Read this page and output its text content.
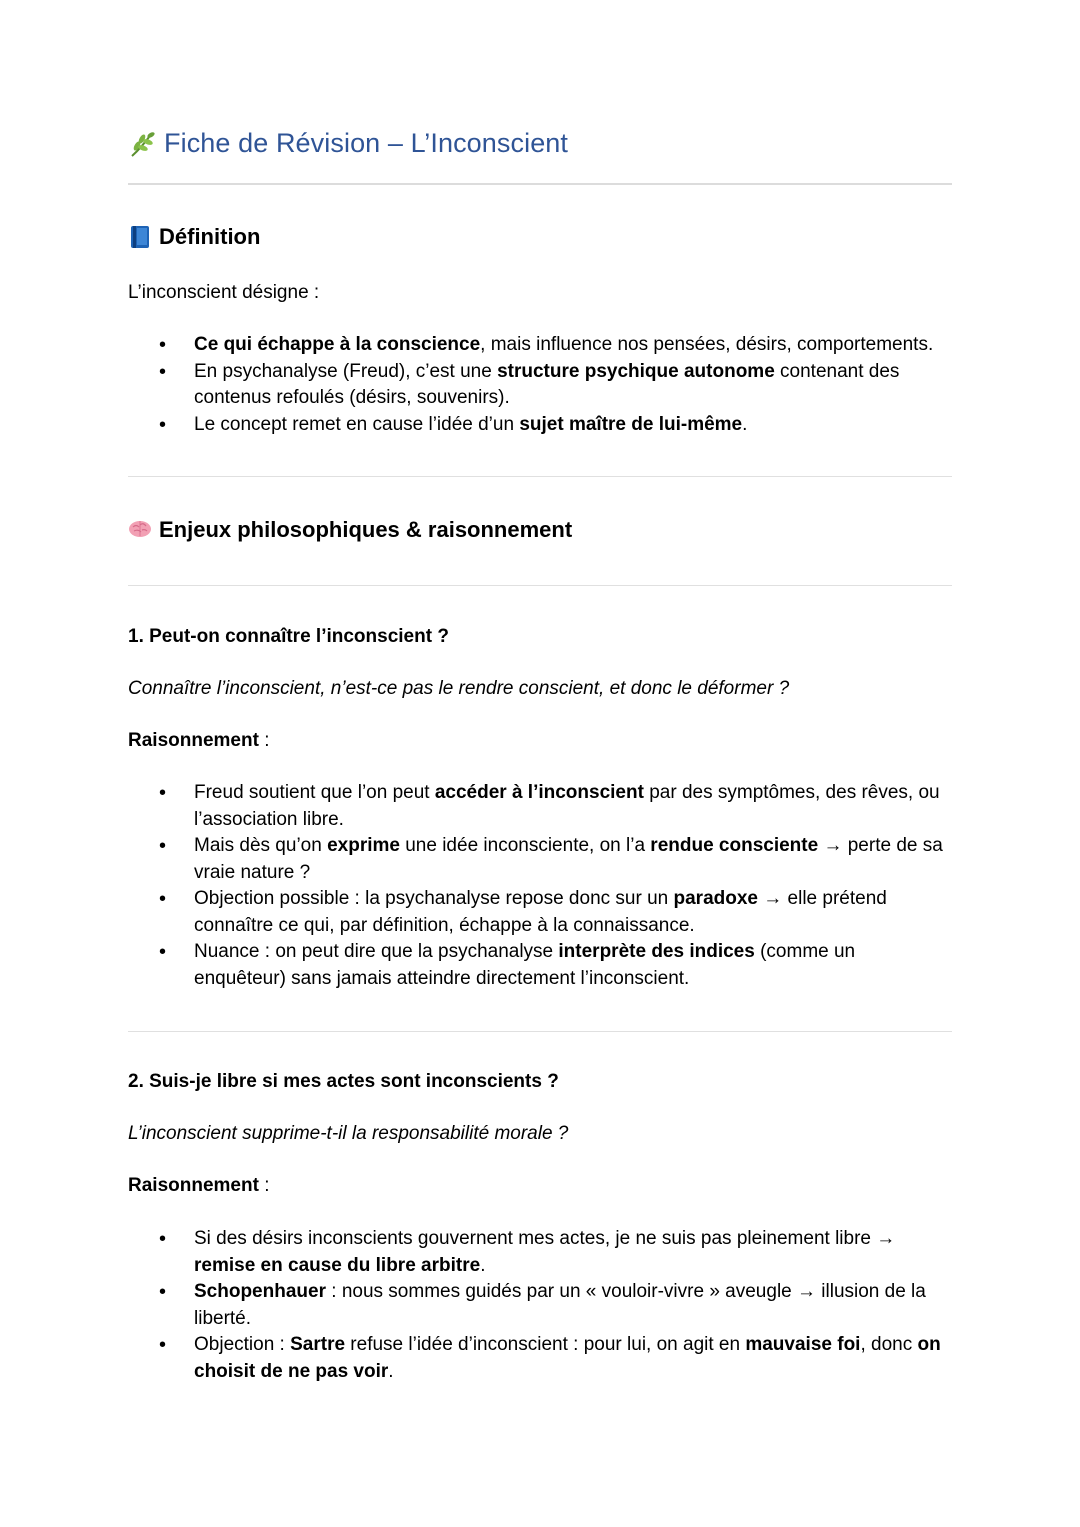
Fiche de Révision – L’Inconscient
Définition
L’inconscient désigne :
• Ce qui échappe à la conscience, mais influence nos pensées, désirs, comportements.
• En psychanalyse (Freud), c’est une structure psychique autonome contenant des contenus refoulés (désirs, souvenirs).
• Le concept remet en cause l’idée d’un sujet maître de lui-même.
Enjeux philosophiques & raisonnement
1. Peut-on connaître l’inconscient ?
Connaître l’inconscient, n’est-ce pas le rendre conscient, et donc le déformer ?
Raisonnement :
• Freud soutient que l’on peut accéder à l’inconscient par des symptômes, des rêves, ou l’association libre.
• Mais dès qu’on exprime une idée inconsciente, on l’a rendue consciente → perte de sa vraie nature ?
• Objection possible : la psychanalyse repose donc sur un paradoxe → elle prétend connaître ce qui, par définition, échappe à la connaissance.
• Nuance : on peut dire que la psychanalyse interprète des indices (comme un enquêteur) sans jamais atteindre directement l’inconscient.
2. Suis-je libre si mes actes sont inconscients ?
L’inconscient supprime-t-il la responsabilité morale ?
Raisonnement :
• Si des désirs inconscients gouvernent mes actes, je ne suis pas pleinement libre → remise en cause du libre arbitre.
• Schopenhauer : nous sommes guidés par un « vouloir-vivre » aveugle → illusion de la liberté.
• Objection : Sartre refuse l’idée d’inconscient : pour lui, on agit en mauvaise foi, donc on choisit de ne pas voir.
